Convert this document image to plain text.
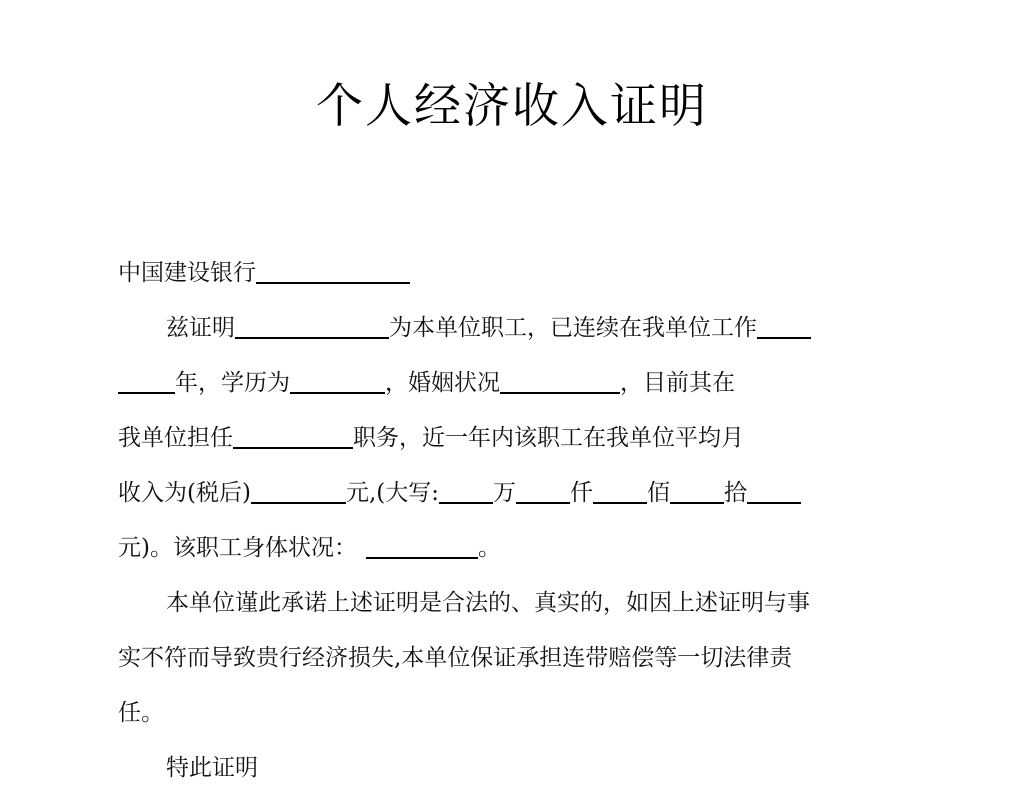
个人经济收入证明
中国建设银行
兹证明	为本单位职工，已连续在我单位工作
年，学历为	，婚姻状况	，目前其在
我单位担任	职务，近一年内该职工在我单位平均月
收入为(税后)	元,(大写: 万 仟 佰 拾
元)。该职工身体状况：	。
本单位谨此承诺上述证明是合法的、真实的，如因上述证明与事
实不符而导致贵行经济损失,本单位保证承担连带赔偿等一切法律责
任。
特此证明
